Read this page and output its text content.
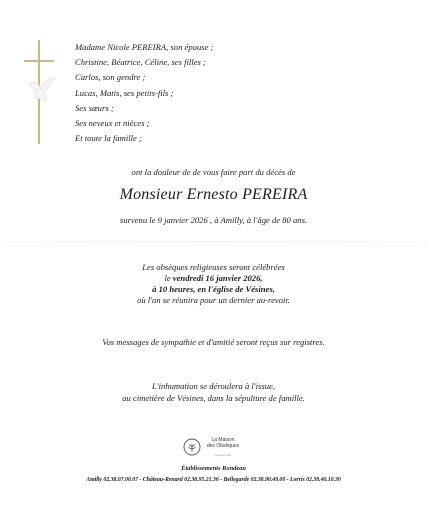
Madame Nicole PEREIRA, son épouse ;
Christine, Béatrice, Céline, ses filles ;
Carlos, son gendre ;
Lucas, Matis, ses petits-fils ;
Ses sœurs ;
Ses neveux et nièces ;
Et toute la famille ;
ont la douleur de de vous faire part du décès de
Monsieur Ernesto PEREIRA
survenu le 9 janvier 2026 , à Amilly, à l'âge de 80 ans.
Les obsèques religieuses seront célébrées
le vendredi 16 janvier 2026,
à 10 heures, en l'église de Vésines,
où l'on se réunira pour un dernier au-revoir.
Vos messages de sympathie et d'amitié seront reçus sur registres.
L'inhumation se déroulera à l'issue,
au cimetière de Vésines, dans la sépulture de famille.
La Maison
des Obsèques
agence vital
Établissements Rondeau
Amilly 02.38.07.00.07 - Château-Renard 02.38.95.21.36 - Bellegarde 02.38.90.49.00 - Lorris 02.38.40.10.30
